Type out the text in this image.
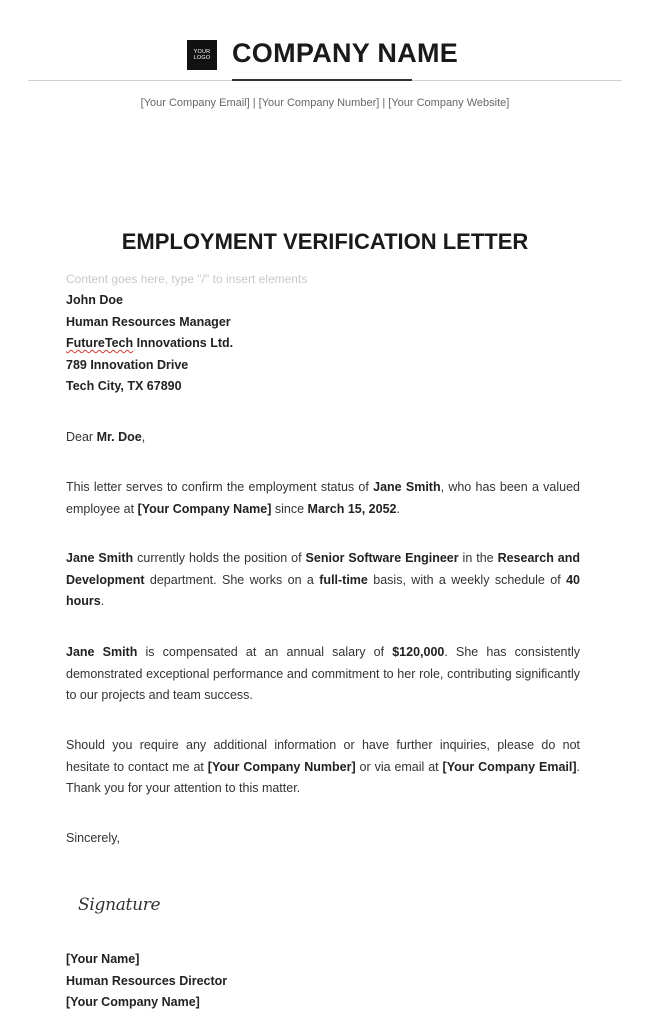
YOUR
LOGO COMPANY NAME
[Your Company Email] | [Your Company Number] | [Your Company Website]
EMPLOYMENT VERIFICATION LETTER
Content goes here, type "/" to insert elements
John Doe
Human Resources Manager
FutureTech Innovations Ltd.
789 Innovation Drive
Tech City, TX 67890
Dear Mr. Doe,
This letter serves to confirm the employment status of Jane Smith, who has been a valued employee at [Your Company Name] since March 15, 2052.
Jane Smith currently holds the position of Senior Software Engineer in the Research and Development department. She works on a full-time basis, with a weekly schedule of 40 hours.
Jane Smith is compensated at an annual salary of $120,000. She has consistently demonstrated exceptional performance and commitment to her role, contributing significantly to our projects and team success.
Should you require any additional information or have further inquiries, please do not hesitate to contact me at [Your Company Number] or via email at [Your Company Email]. Thank you for your attention to this matter.
Sincerely,
Signature
[Your Name]
Human Resources Director
[Your Company Name]
